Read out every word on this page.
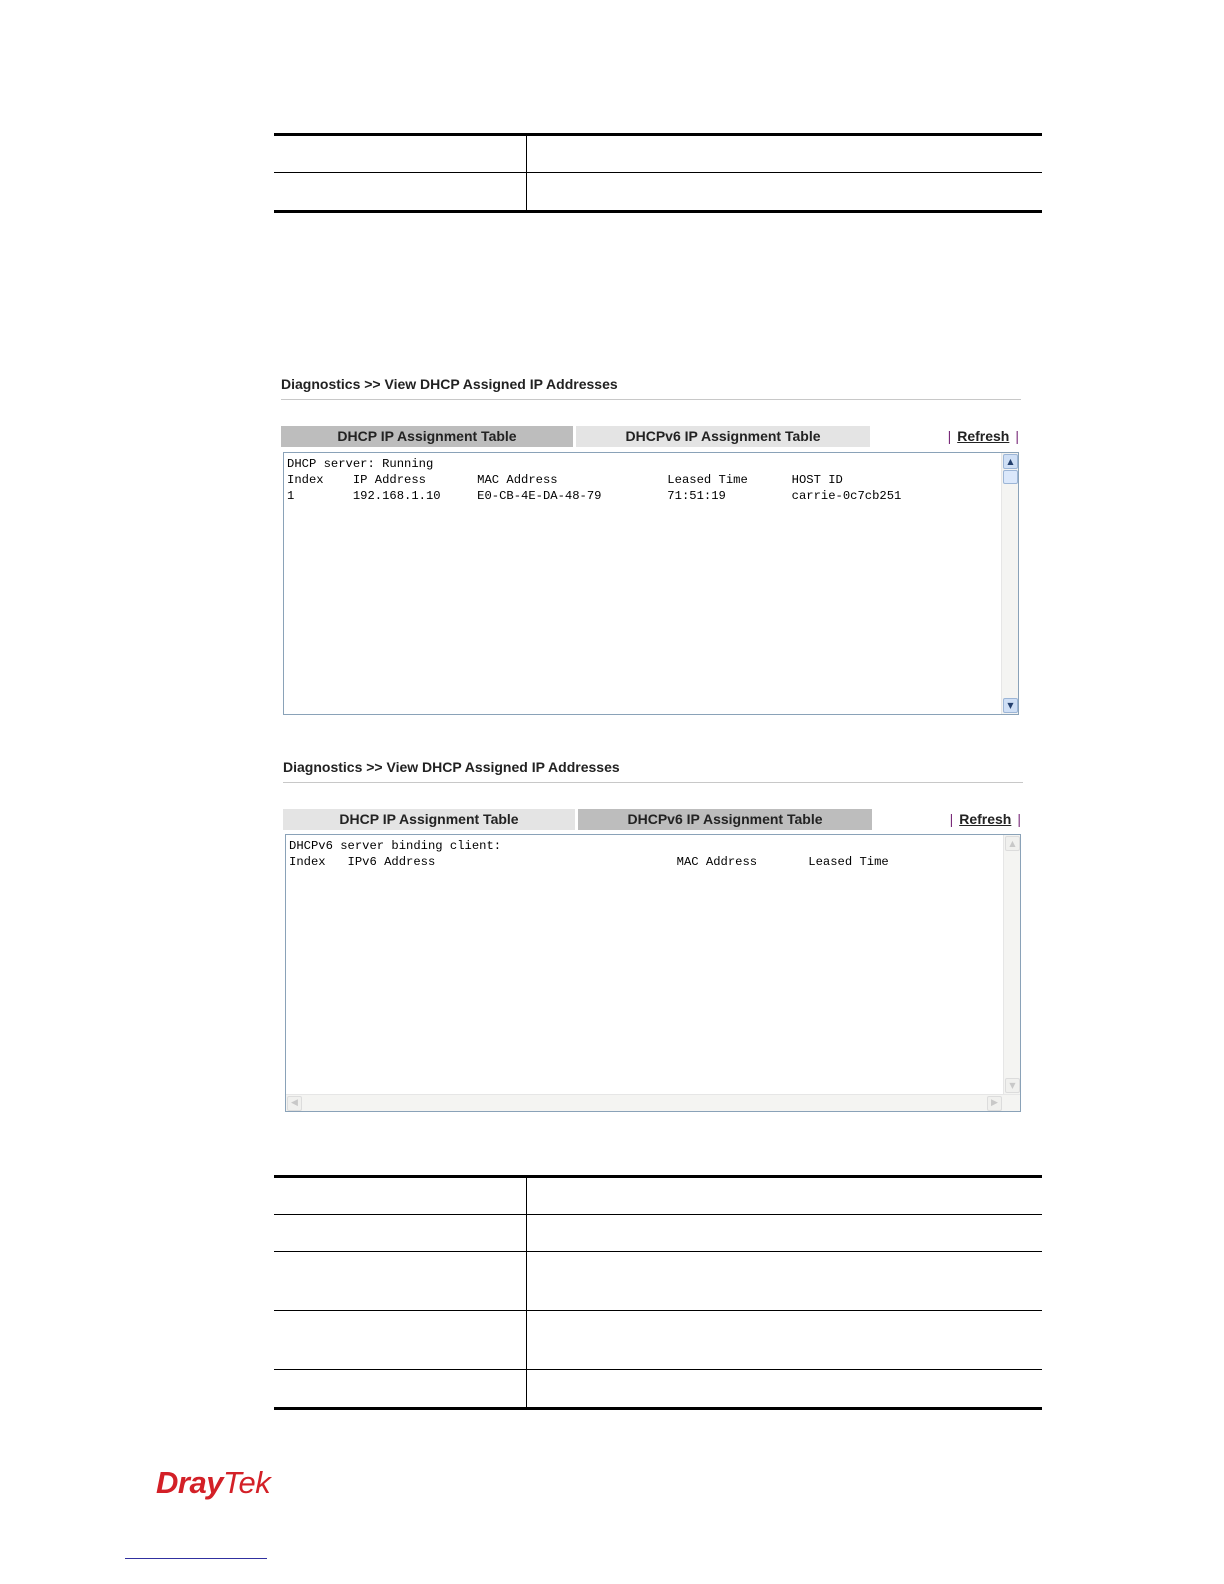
Diagnostics >> View DHCP Assigned IP Addresses
DHCP IP Assignment Table	DHCPv6 IP Assignment Table	| Refresh |
DHCP server: Running
Index    IP Address       MAC Address               Leased Time      HOST ID
1        192.168.1.10     E0-CB-4E-DA-48-79         71:51:19         carrie-0c7cb251
▲
▼
Diagnostics >> View DHCP Assigned IP Addresses
DHCP IP Assignment Table	DHCPv6 IP Assignment Table	| Refresh |
DHCPv6 server binding client:
Index   IPv6 Address                                 MAC Address       Leased Time
▲
▼
◀	▶
DrayTek
